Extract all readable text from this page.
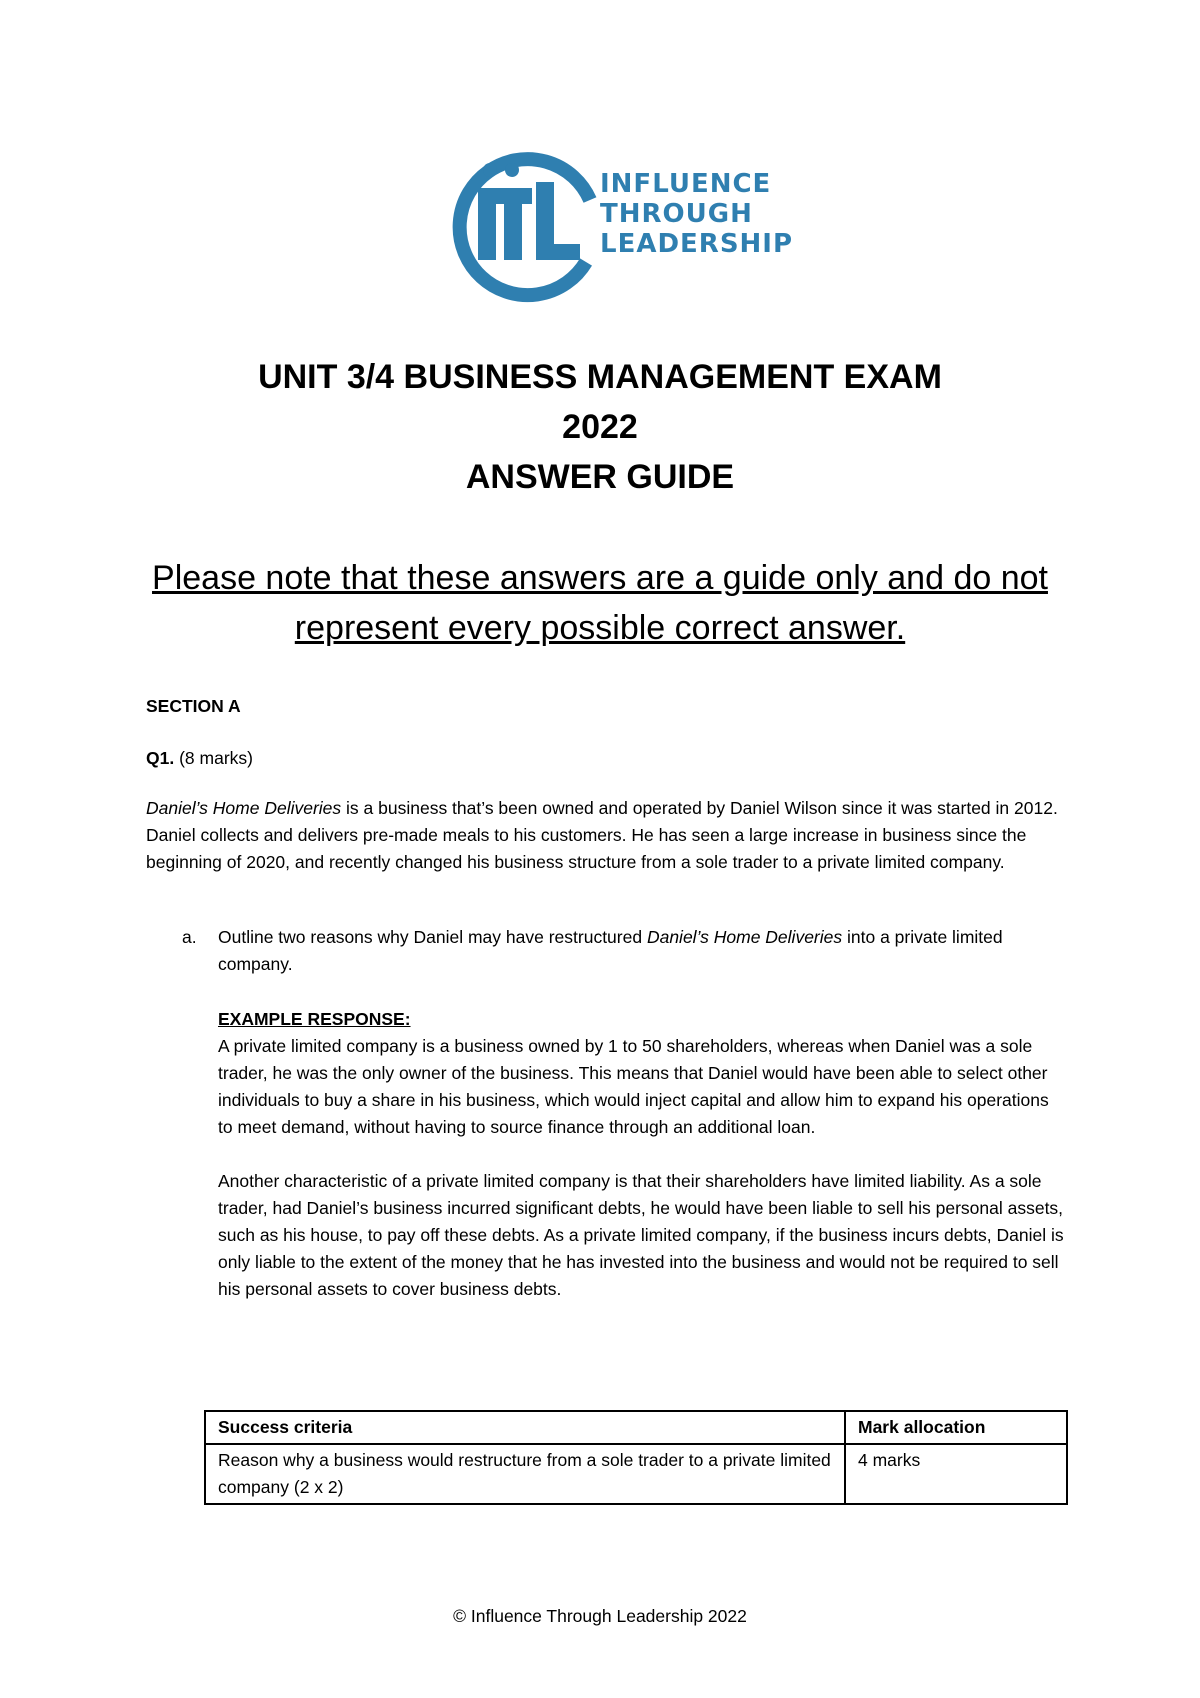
INFLUENCE
THROUGH
LEADERSHIP
UNIT 3/4 BUSINESS MANAGEMENT EXAM
2022
ANSWER GUIDE
Please note that these answers are a guide only and do not represent every possible correct answer.
SECTION A
Q1. (8 marks)

Daniel’s Home Deliveries is a business that’s been owned and operated by Daniel Wilson since it was started in 2012. Daniel collects and delivers pre-made meals to his customers. He has seen a large increase in business since the beginning of 2020, and recently changed his business structure from a sole trader to a private limited company.

a. Outline two reasons why Daniel may have restructured Daniel’s Home Deliveries into a private limited company.
EXAMPLE RESPONSE:

A private limited company is a business owned by 1 to 50 shareholders, whereas when Daniel was a sole trader, he was the only owner of the business. This means that Daniel would have been able to select other individuals to buy a share in his business, which would inject capital and allow him to expand his operations to meet demand, without having to source finance through an additional loan.

Another characteristic of a private limited company is that their shareholders have limited liability. As a sole trader, had Daniel’s business incurred significant debts, he would have been liable to sell his personal assets, such as his house, to pay off these debts. As a private limited company, if the business incurs debts, Daniel is only liable to the extent of the money that he has invested into the business and would not be required to sell his personal assets to cover business debts.

Success criteria	Mark allocation
Reason why a business would restructure from a sole trader to a private limited company (2 x 2)	4 marks
© Influence Through Leadership 2022
